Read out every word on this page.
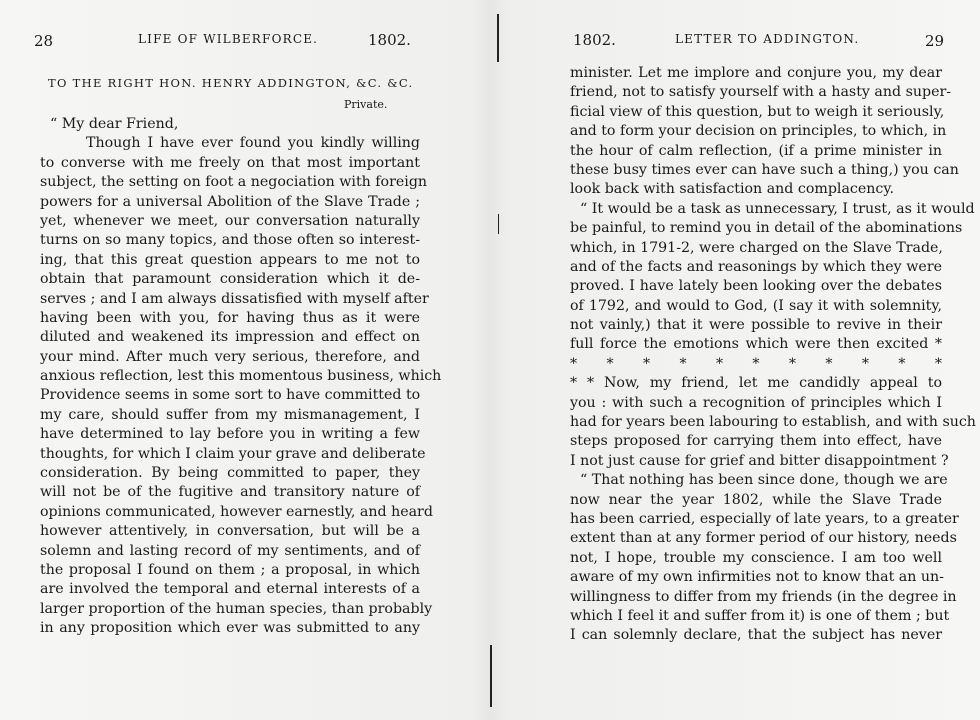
28	LIFE OF WILBERFORCE.	1802.
TO THE RIGHT HON. HENRY ADDINGTON, &C. &C.
Private.
“ My dear Friend,
Though I have ever found you kindly willing
to converse with me freely on that most important
subject, the setting on foot a negociation with foreign
powers for a universal Abolition of the Slave Trade ;
yet, whenever we meet, our conversation naturally
turns on so many topics, and those often so interest-
ing, that this great question appears to me not to
obtain that paramount consideration which it de-
serves ; and I am always dissatisfied with myself after
having been with you, for having thus as it were
diluted and weakened its impression and effect on
your mind. After much very serious, therefore, and
anxious reflection, lest this momentous business, which
Providence seems in some sort to have committed to
my care, should suffer from my mismanagement, I
have determined to lay before you in writing a few
thoughts, for which I claim your grave and deliberate
consideration. By being committed to paper, they
will not be of the fugitive and transitory nature of
opinions communicated, however earnestly, and heard
however attentively, in conversation, but will be a
solemn and lasting record of my sentiments, and of
the proposal I found on them ; a proposal, in which
are involved the temporal and eternal interests of a
larger proportion of the human species, than probably
in any proposition which ever was submitted to any
1802.	LETTER TO ADDINGTON.	29
minister. Let me implore and conjure you, my dear
friend, not to satisfy yourself with a hasty and super-
ficial view of this question, but to weigh it seriously,
and to form your decision on principles, to which, in
the hour of calm reflection, (if a prime minister in
these busy times ever can have such a thing,) you can
look back with satisfaction and complacency.
“ It would be a task as unnecessary, I trust, as it would
be painful, to remind you in detail of the abominations
which, in 1791-2, were charged on the Slave Trade,
and of the facts and reasonings by which they were
proved. I have lately been looking over the debates
of 1792, and would to God, (I say it with solemnity,
not vainly,) that it were possible to revive in their
full force the emotions which were then excited *
* * * * * * * * * * *
* * Now, my friend, let me candidly appeal to
you : with such a recognition of principles which I
had for years been labouring to establish, and with such
steps proposed for carrying them into effect, have
I not just cause for grief and bitter disappointment ?
“ That nothing has been since done, though we are
now near the year 1802, while the Slave Trade
has been carried, especially of late years, to a greater
extent than at any former period of our history, needs
not, I hope, trouble my conscience. I am too well
aware of my own infirmities not to know that an un-
willingness to differ from my friends (in the degree in
which I feel it and suffer from it) is one of them ; but
I can solemnly declare, that the subject has never
